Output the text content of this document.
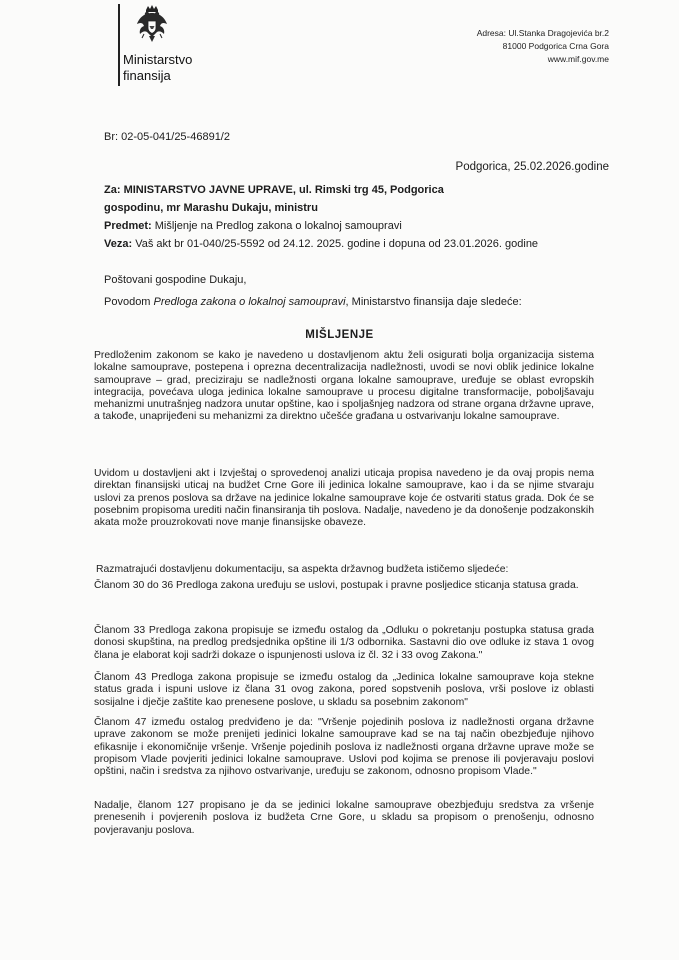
Ministarstvo
finansija
Adresa: Ul.Stanka Dragojevića br.2
81000 Podgorica Crna Gora
www.mif.gov.me
Br: 02-05-041/25-46891/2
Podgorica, 25.02.2026.godine
Za: MINISTARSTVO JAVNE UPRAVE, ul. Rimski trg 45, Podgorica
gospodinu, mr Marashu Dukaju, ministru
Predmet: Mišljenje na Predlog zakona o lokalnoj samoupravi
Veza: Vaš akt br 01-040/25-5592 od 24.12. 2025. godine i dopuna od 23.01.2026. godine
Poštovani gospodine Dukaju,
Povodom Predloga zakona o lokalnoj samoupravi, Ministarstvo finansija daje sledeće:
MIŠLJENJE
Predloženim zakonom se kako je navedeno u dostavljenom aktu želi osigurati bolja organizacija sistema lokalne samouprave, postepena i oprezna decentralizacija nadležnosti, uvodi se novi oblik jedinice lokalne samouprave – grad, preciziraju se nadležnosti organa lokalne samouprave, uređuje se oblast evropskih integracija, povećava uloga jedinica lokalne samouprave u procesu digitalne transformacije, poboljšavaju mehanizmi unutrašnjeg nadzora unutar opštine, kao i spoljašnjeg nadzora od strane organa državne uprave, a takođe, unaprijeđeni su mehanizmi za direktno učešće građana u ostvarivanju lokalne samouprave.
Uvidom u dostavljeni akt i Izvještaj o sprovedenoj analizi uticaja propisa navedeno je da ovaj propis nema direktan finansijski uticaj na budžet Crne Gore ili jedinica lokalne samouprave, kao i da se njime stvaraju uslovi za prenos poslova sa države na jedinice lokalne samouprave koje će ostvariti status grada. Dok će se posebnim propisoma urediti način finansiranja tih poslova. Nadalje, navedeno je da donošenje podzakonskih akata može prouzrokovati nove manje finansijske obaveze.
Razmatrajući dostavljenu dokumentaciju, sa aspekta državnog budžeta ističemo sljedeće:
Članom 30 do 36 Predloga zakona uređuju se uslovi, postupak i pravne posljedice sticanja statusa grada.
Članom 33 Predloga zakona propisuje se između ostalog da „Odluku o pokretanju postupka statusa grada donosi skupština, na predlog predsjednika opštine ili 1/3 odbornika. Sastavni dio ove odluke iz stava 1 ovog člana je elaborat koji sadrži dokaze o ispunjenosti uslova iz čl. 32 i 33 ovog Zakona."
Članom 43 Predloga zakona propisuje se između ostalog da „Jedinica lokalne samouprave koja stekne status grada i ispuni uslove iz člana 31 ovog zakona, pored sopstvenih poslova, vrši poslove iz oblasti sosijalne i dječje zaštite kao prenesene poslove, u skladu sa posebnim zakonom"
Članom 47 između ostalog predviđeno je da: "Vršenje pojedinih poslova iz nadležnosti organa državne uprave zakonom se može prenijeti jedinici lokalne samouprave kad se na taj način obezbjeđuje njihovo efikasnije i ekonomičnije vršenje. Vršenje pojedinih poslova iz nadležnosti organa državne uprave može se propisom Vlade povjeriti jedinici lokalne samouprave. Uslovi pod kojima se prenose ili povjeravaju poslovi opštini, način i sredstva za njihovo ostvarivanje, uređuju se zakonom, odnosno propisom Vlade."
Nadalje, članom 127 propisano je da se jedinici lokalne samouprave obezbjeđuju sredstva za vršenje prenesenih i povjerenih poslova iz budžeta Crne Gore, u skladu sa propisom o prenošenju, odnosno povjeravanju poslova.
